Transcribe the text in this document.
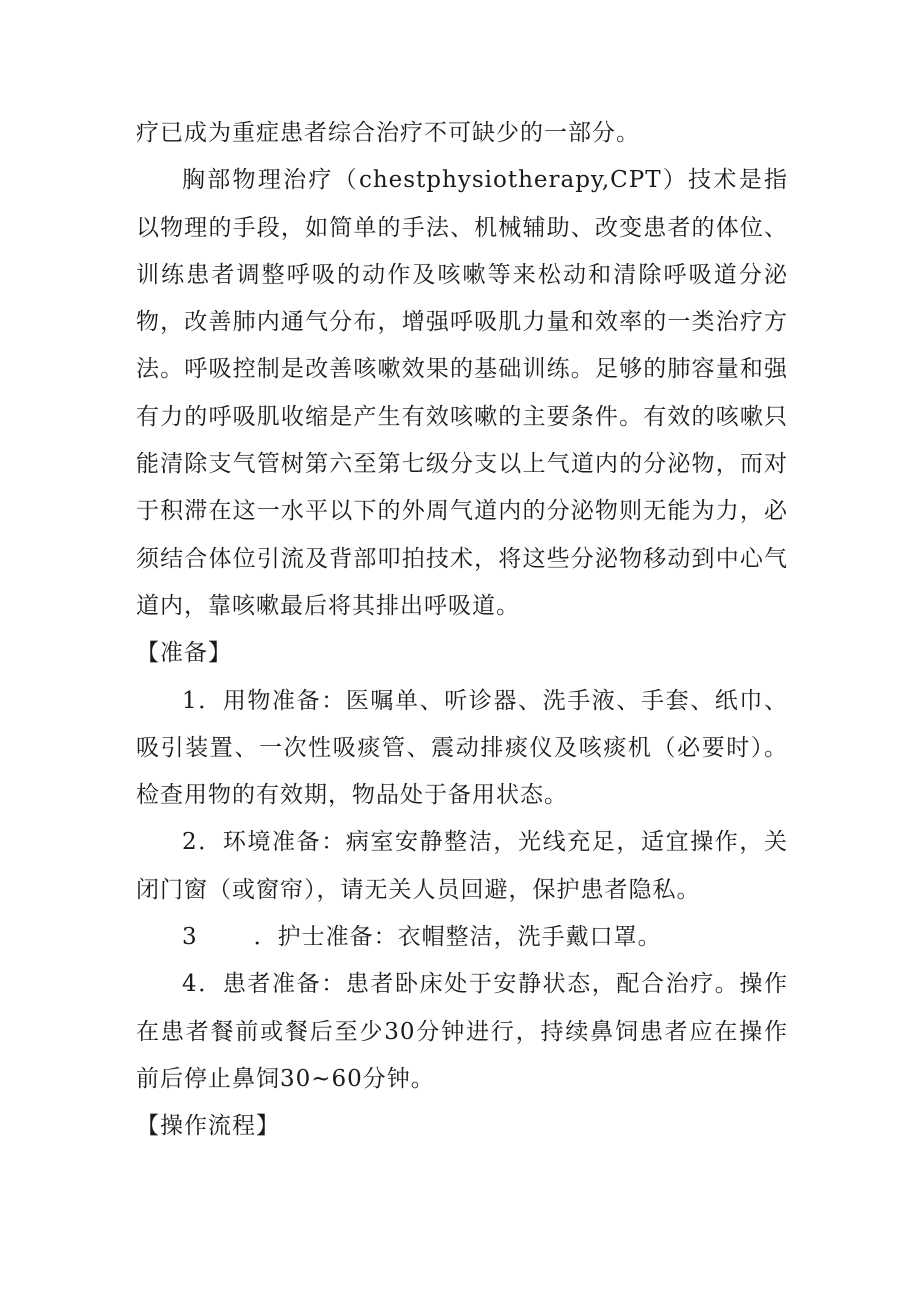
疗已成为重症患者综合治疗不可缺少的一部分。

胸部物理治疗（chestphysiotherapy,CPT）技术是指以物理的手段，如简单的手法、机械辅助、改变患者的体位、训练患者调整呼吸的动作及咳嗽等来松动和清除呼吸道分泌物，改善肺内通气分布，增强呼吸肌力量和效率的一类治疗方法。呼吸控制是改善咳嗽效果的基础训练。足够的肺容量和强有力的呼吸肌收缩是产生有效咳嗽的主要条件。有效的咳嗽只能清除支气管树第六至第七级分支以上气道内的分泌物，而对于积滞在这一水平以下的外周气道内的分泌物则无能为力，必须结合体位引流及背部叩拍技术，将这些分泌物移动到中心气道内，靠咳嗽最后将其排出呼吸道。

【准备】

1．用物准备：医嘱单、听诊器、洗手液、手套、纸巾、吸引装置、一次性吸痰管、震动排痰仪及咳痰机（必要时）。检查用物的有效期，物品处于备用状态。

2．环境准备：病室安静整洁，光线充足，适宜操作，关闭门窗（或窗帘），请无关人员回避，保护患者隐私。

3 ．护士准备：衣帽整洁，洗手戴口罩。

4．患者准备：患者卧床处于安静状态，配合治疗。操作在患者餐前或餐后至少30分钟进行，持续鼻饲患者应在操作前后停止鼻饲30~60分钟。

【操作流程】
